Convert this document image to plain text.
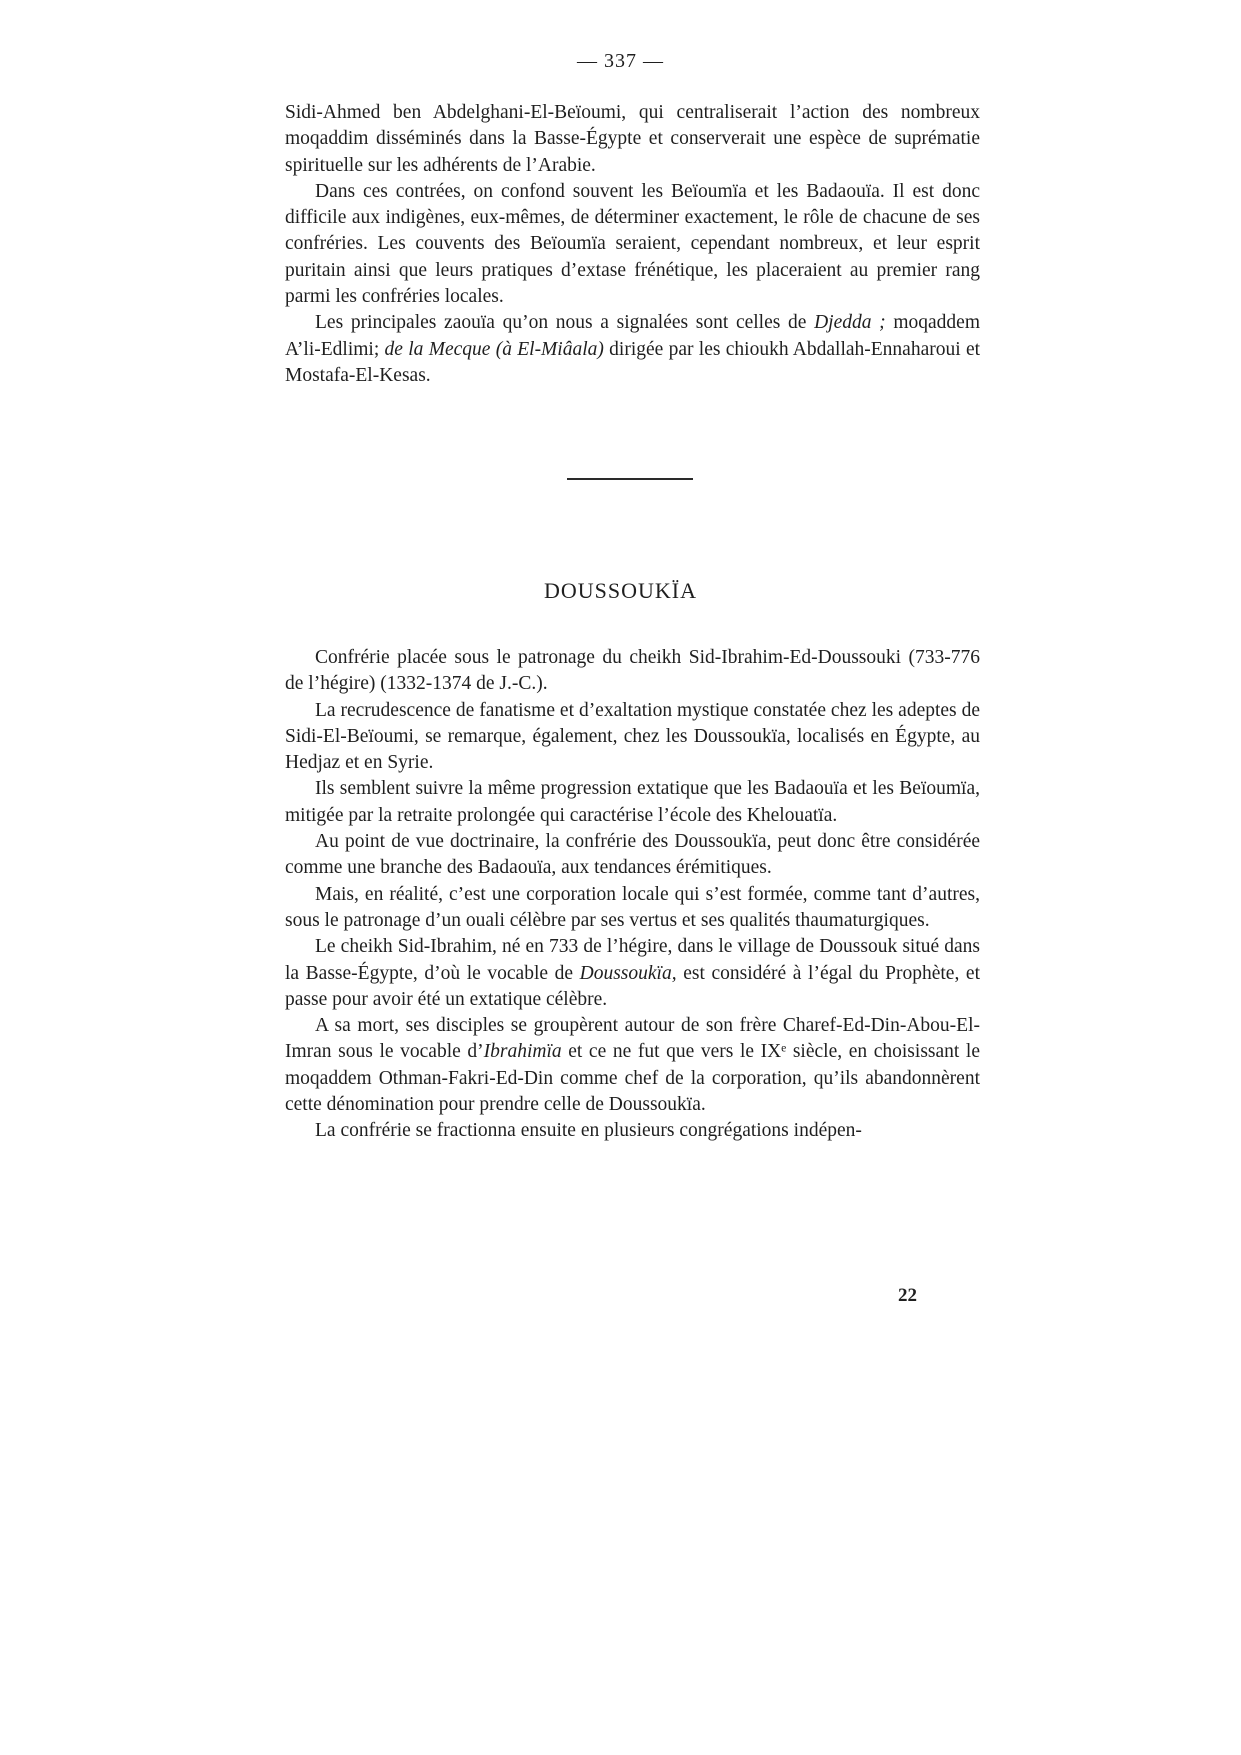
— 337 —

Sidi-Ahmed ben Abdelghani-El-Beïoumi, qui centraliserait l’action des nombreux moqaddim disséminés dans la Basse-Égypte et conserverait une espèce de suprématie spirituelle sur les adhérents de l’Arabie.

Dans ces contrées, on confond souvent les Beïoumïa et les Badaouïa. Il est donc difficile aux indigènes, eux-mêmes, de déterminer exactement, le rôle de chacune de ses confréries. Les couvents des Beïoumïa seraient, cependant nombreux, et leur esprit puritain ainsi que leurs pratiques d’extase frénétique, les placeraient au premier rang parmi les confréries locales.

Les principales zaouïa qu’on nous a signalées sont celles de Djedda ; moqaddem A’li-Edlimi; de la Mecque (à El-Miâala) dirigée par les chioukh Abdallah-Ennaharoui et Mostafa-El-Kesas.

DOUSSOUKÏA

Confrérie placée sous le patronage du cheikh Sid-Ibrahim-Ed-Doussouki (733-776 de l’hégire) (1332-1374 de J.-C.).

La recrudescence de fanatisme et d’exaltation mystique constatée chez les adeptes de Sidi-El-Beïoumi, se remarque, également, chez les Doussoukïa, localisés en Égypte, au Hedjaz et en Syrie.

Ils semblent suivre la même progression extatique que les Badaouïa et les Beïoumïa, mitigée par la retraite prolongée qui caractérise l’école des Khelouatïa.

Au point de vue doctrinaire, la confrérie des Doussoukïa, peut donc être considérée comme une branche des Badaouïa, aux tendances érémitiques.

Mais, en réalité, c’est une corporation locale qui s’est formée, comme tant d’autres, sous le patronage d’un ouali célèbre par ses vertus et ses qualités thaumaturgiques.

Le cheikh Sid-Ibrahim, né en 733 de l’hégire, dans le village de Doussouk situé dans la Basse-Égypte, d’où le vocable de Doussoukïa, est considéré à l’égal du Prophète, et passe pour avoir été un extatique célèbre.

A sa mort, ses disciples se groupèrent autour de son frère Charef-Ed-Din-Abou-El-Imran sous le vocable d’Ibrahimïa et ce ne fut que vers le IXᵉ siècle, en choisissant le moqaddem Othman-Fakri-Ed-Din comme chef de la corporation, qu’ils abandonnèrent cette dénomination pour prendre celle de Doussoukïa.

La confrérie se fractionna ensuite en plusieurs congrégations indépen-

22
